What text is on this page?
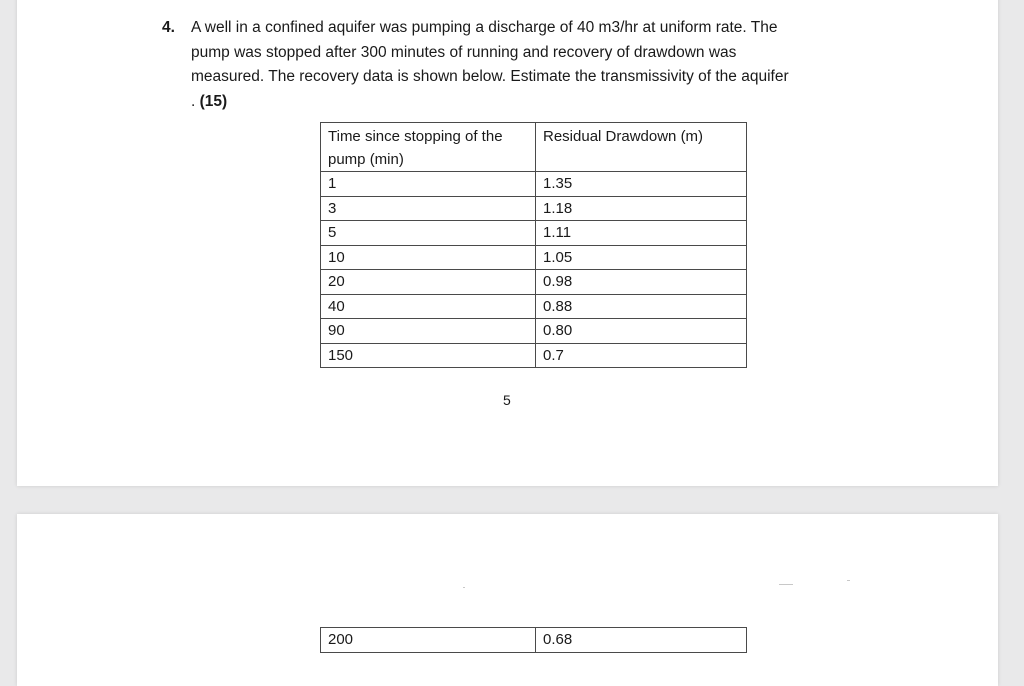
4. A well in a confined aquifer was pumping a discharge of 40 m3/hr at uniform rate. The
pump was stopped after 300 minutes of running and recovery of drawdown was
measured. The recovery data is shown below. Estimate the transmissivity of the aquifer
. (15)
Time since stopping of the pump (min)	Residual Drawdown (m)
1	1.35
3	1.18
5	1.11
10	1.05
20	0.98
40	0.88
90	0.80
150	0.7
5
200	0.68
